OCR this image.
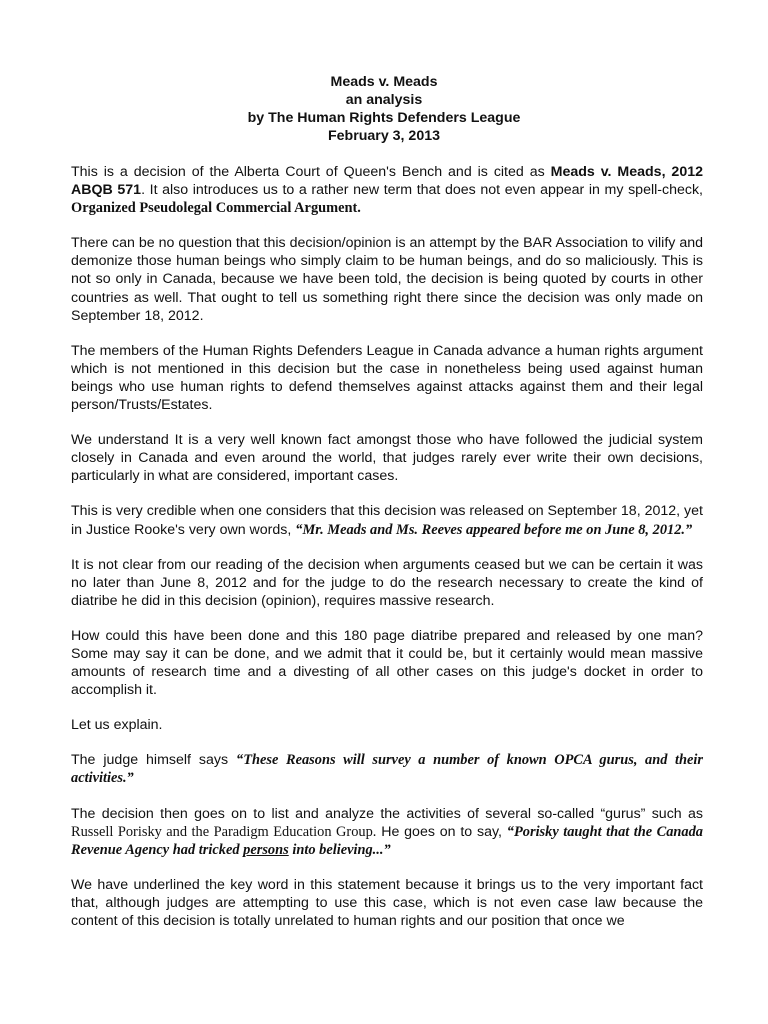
Meads v. Meads
an analysis
by The Human Rights Defenders League
February 3, 2013

This is a decision of the Alberta Court of Queen's Bench and is cited as Meads v. Meads, 2012 ABQB 571. It also introduces us to a rather new term that does not even appear in my spell-check, Organized Pseudolegal Commercial Argument.

There can be no question that this decision/opinion is an attempt by the BAR Association to vilify and demonize those human beings who simply claim to be human beings, and do so maliciously. This is not so only in Canada, because we have been told, the decision is being quoted by courts in other countries as well. That ought to tell us something right there since the decision was only made on September 18, 2012.

The members of the Human Rights Defenders League in Canada advance a human rights argument which is not mentioned in this decision but the case in nonetheless being used against human beings who use human rights to defend themselves against attacks against them and their legal person/Trusts/Estates.

We understand It is a very well known fact amongst those who have followed the judicial system closely in Canada and even around the world, that judges rarely ever write their own decisions, particularly in what are considered, important cases.

This is very credible when one considers that this decision was released on September 18, 2012, yet in Justice Rooke's very own words, “Mr. Meads and Ms. Reeves appeared before me on June 8, 2012.”

It is not clear from our reading of the decision when arguments ceased but we can be certain it was no later than June 8, 2012 and for the judge to do the research necessary to create the kind of diatribe he did in this decision (opinion), requires massive research.

How could this have been done and this 180 page diatribe prepared and released by one man? Some may say it can be done, and we admit that it could be, but it certainly would mean massive amounts of research time and a divesting of all other cases on this judge's docket in order to accomplish it.

Let us explain.

The judge himself says “These Reasons will survey a number of known OPCA gurus, and their activities.”

The decision then goes on to list and analyze the activities of several so-called “gurus” such as Russell Porisky and the Paradigm Education Group. He goes on to say, “Porisky taught that the Canada Revenue Agency had tricked persons into believing...”

We have underlined the key word in this statement because it brings us to the very important fact that, although judges are attempting to use this case, which is not even case law because the content of this decision is totally unrelated to human rights and our position that once we
